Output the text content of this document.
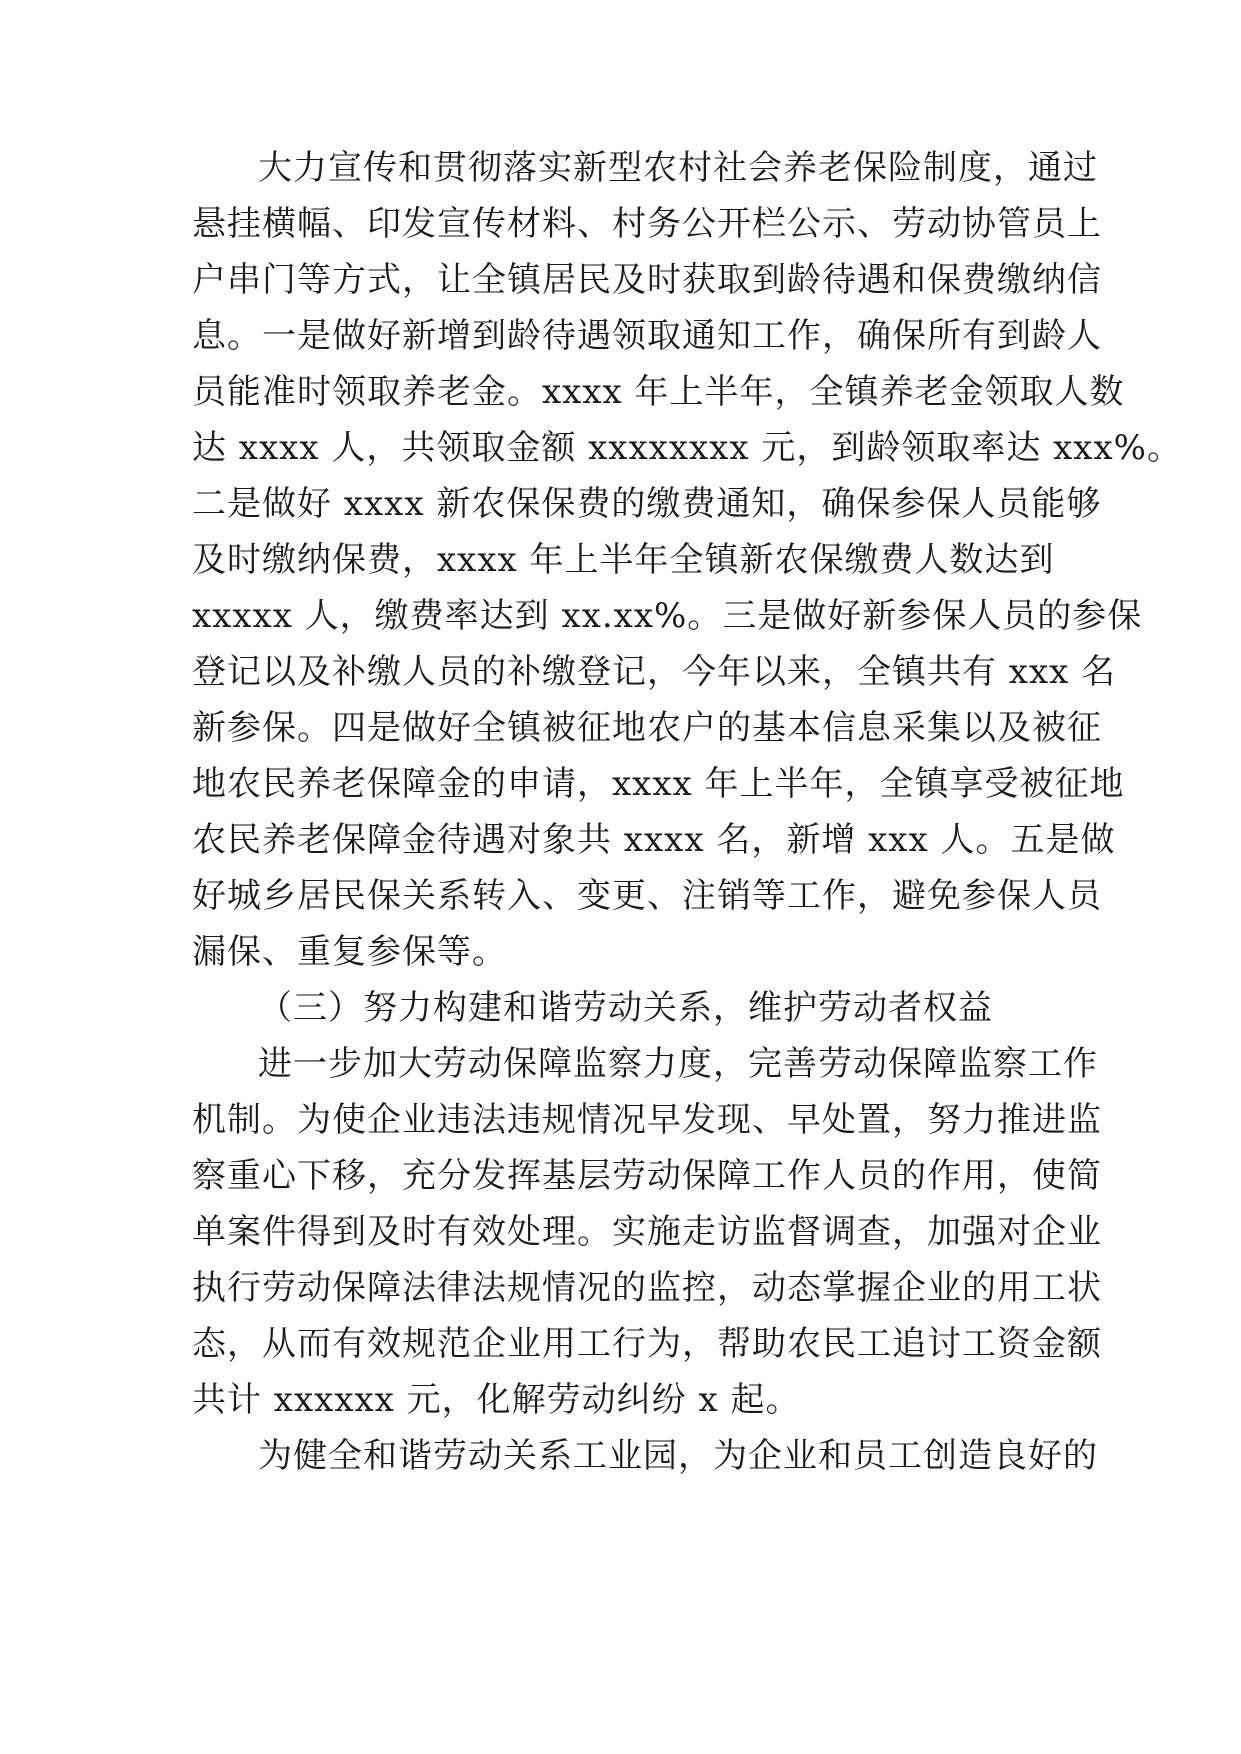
大力宣传和贯彻落实新型农村社会养老保险制度，通过
悬挂横幅、印发宣传材料、村务公开栏公示、劳动协管员上
户串门等方式，让全镇居民及时获取到龄待遇和保费缴纳信
息。一是做好新增到龄待遇领取通知工作，确保所有到龄人
员能准时领取养老金。xxxx 年上半年，全镇养老金领取人数
达 xxxx 人，共领取金额 xxxxxxxx 元，到龄领取率达 xxx%。
二是做好 xxxx 新农保保费的缴费通知，确保参保人员能够
及时缴纳保费，xxxx 年上半年全镇新农保缴费人数达到
xxxxx 人，缴费率达到 xx.xx%。三是做好新参保人员的参保
登记以及补缴人员的补缴登记，今年以来，全镇共有 xxx 名
新参保。四是做好全镇被征地农户的基本信息采集以及被征
地农民养老保障金的申请，xxxx 年上半年，全镇享受被征地
农民养老保障金待遇对象共 xxxx 名，新增 xxx 人。五是做
好城乡居民保关系转入、变更、注销等工作，避免参保人员
漏保、重复参保等。
（三）努力构建和谐劳动关系，维护劳动者权益
进一步加大劳动保障监察力度，完善劳动保障监察工作
机制。为使企业违法违规情况早发现、早处置，努力推进监
察重心下移，充分发挥基层劳动保障工作人员的作用，使简
单案件得到及时有效处理。实施走访监督调查，加强对企业
执行劳动保障法律法规情况的监控，动态掌握企业的用工状
态，从而有效规范企业用工行为，帮助农民工追讨工资金额
共计 xxxxxx 元，化解劳动纠纷 x 起。
为健全和谐劳动关系工业园，为企业和员工创造良好的
